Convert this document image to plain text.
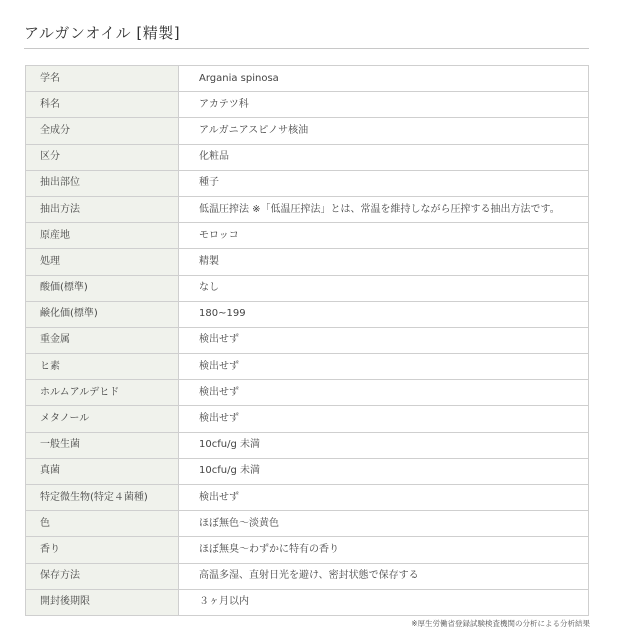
アルガンオイル [精製]
学名	Argania spinosa
科名	アカテツ科
全成分	アルガニアスピノサ核油
区分	化粧品
抽出部位	種子
抽出方法	低温圧搾法 ※「低温圧搾法」とは、常温を維持しながら圧搾する抽出方法です。
原産地	モロッコ
処理	精製
酸価(標準)	なし
鹸化価(標準)	180~199
重金属	検出せず
ヒ素	検出せず
ホルムアルデヒド	検出せず
メタノール	検出せず
一般生菌	10cfu/g 未満
真菌	10cfu/g 未満
特定微生物(特定４菌種)	検出せず
色	ほぼ無色～淡黄色
香り	ほぼ無臭～わずかに特有の香り
保存方法	高温多湿、直射日光を避け、密封状態で保存する
開封後期限	３ヶ月以内
※厚生労働省登録試験検査機関の分析による分析結果
